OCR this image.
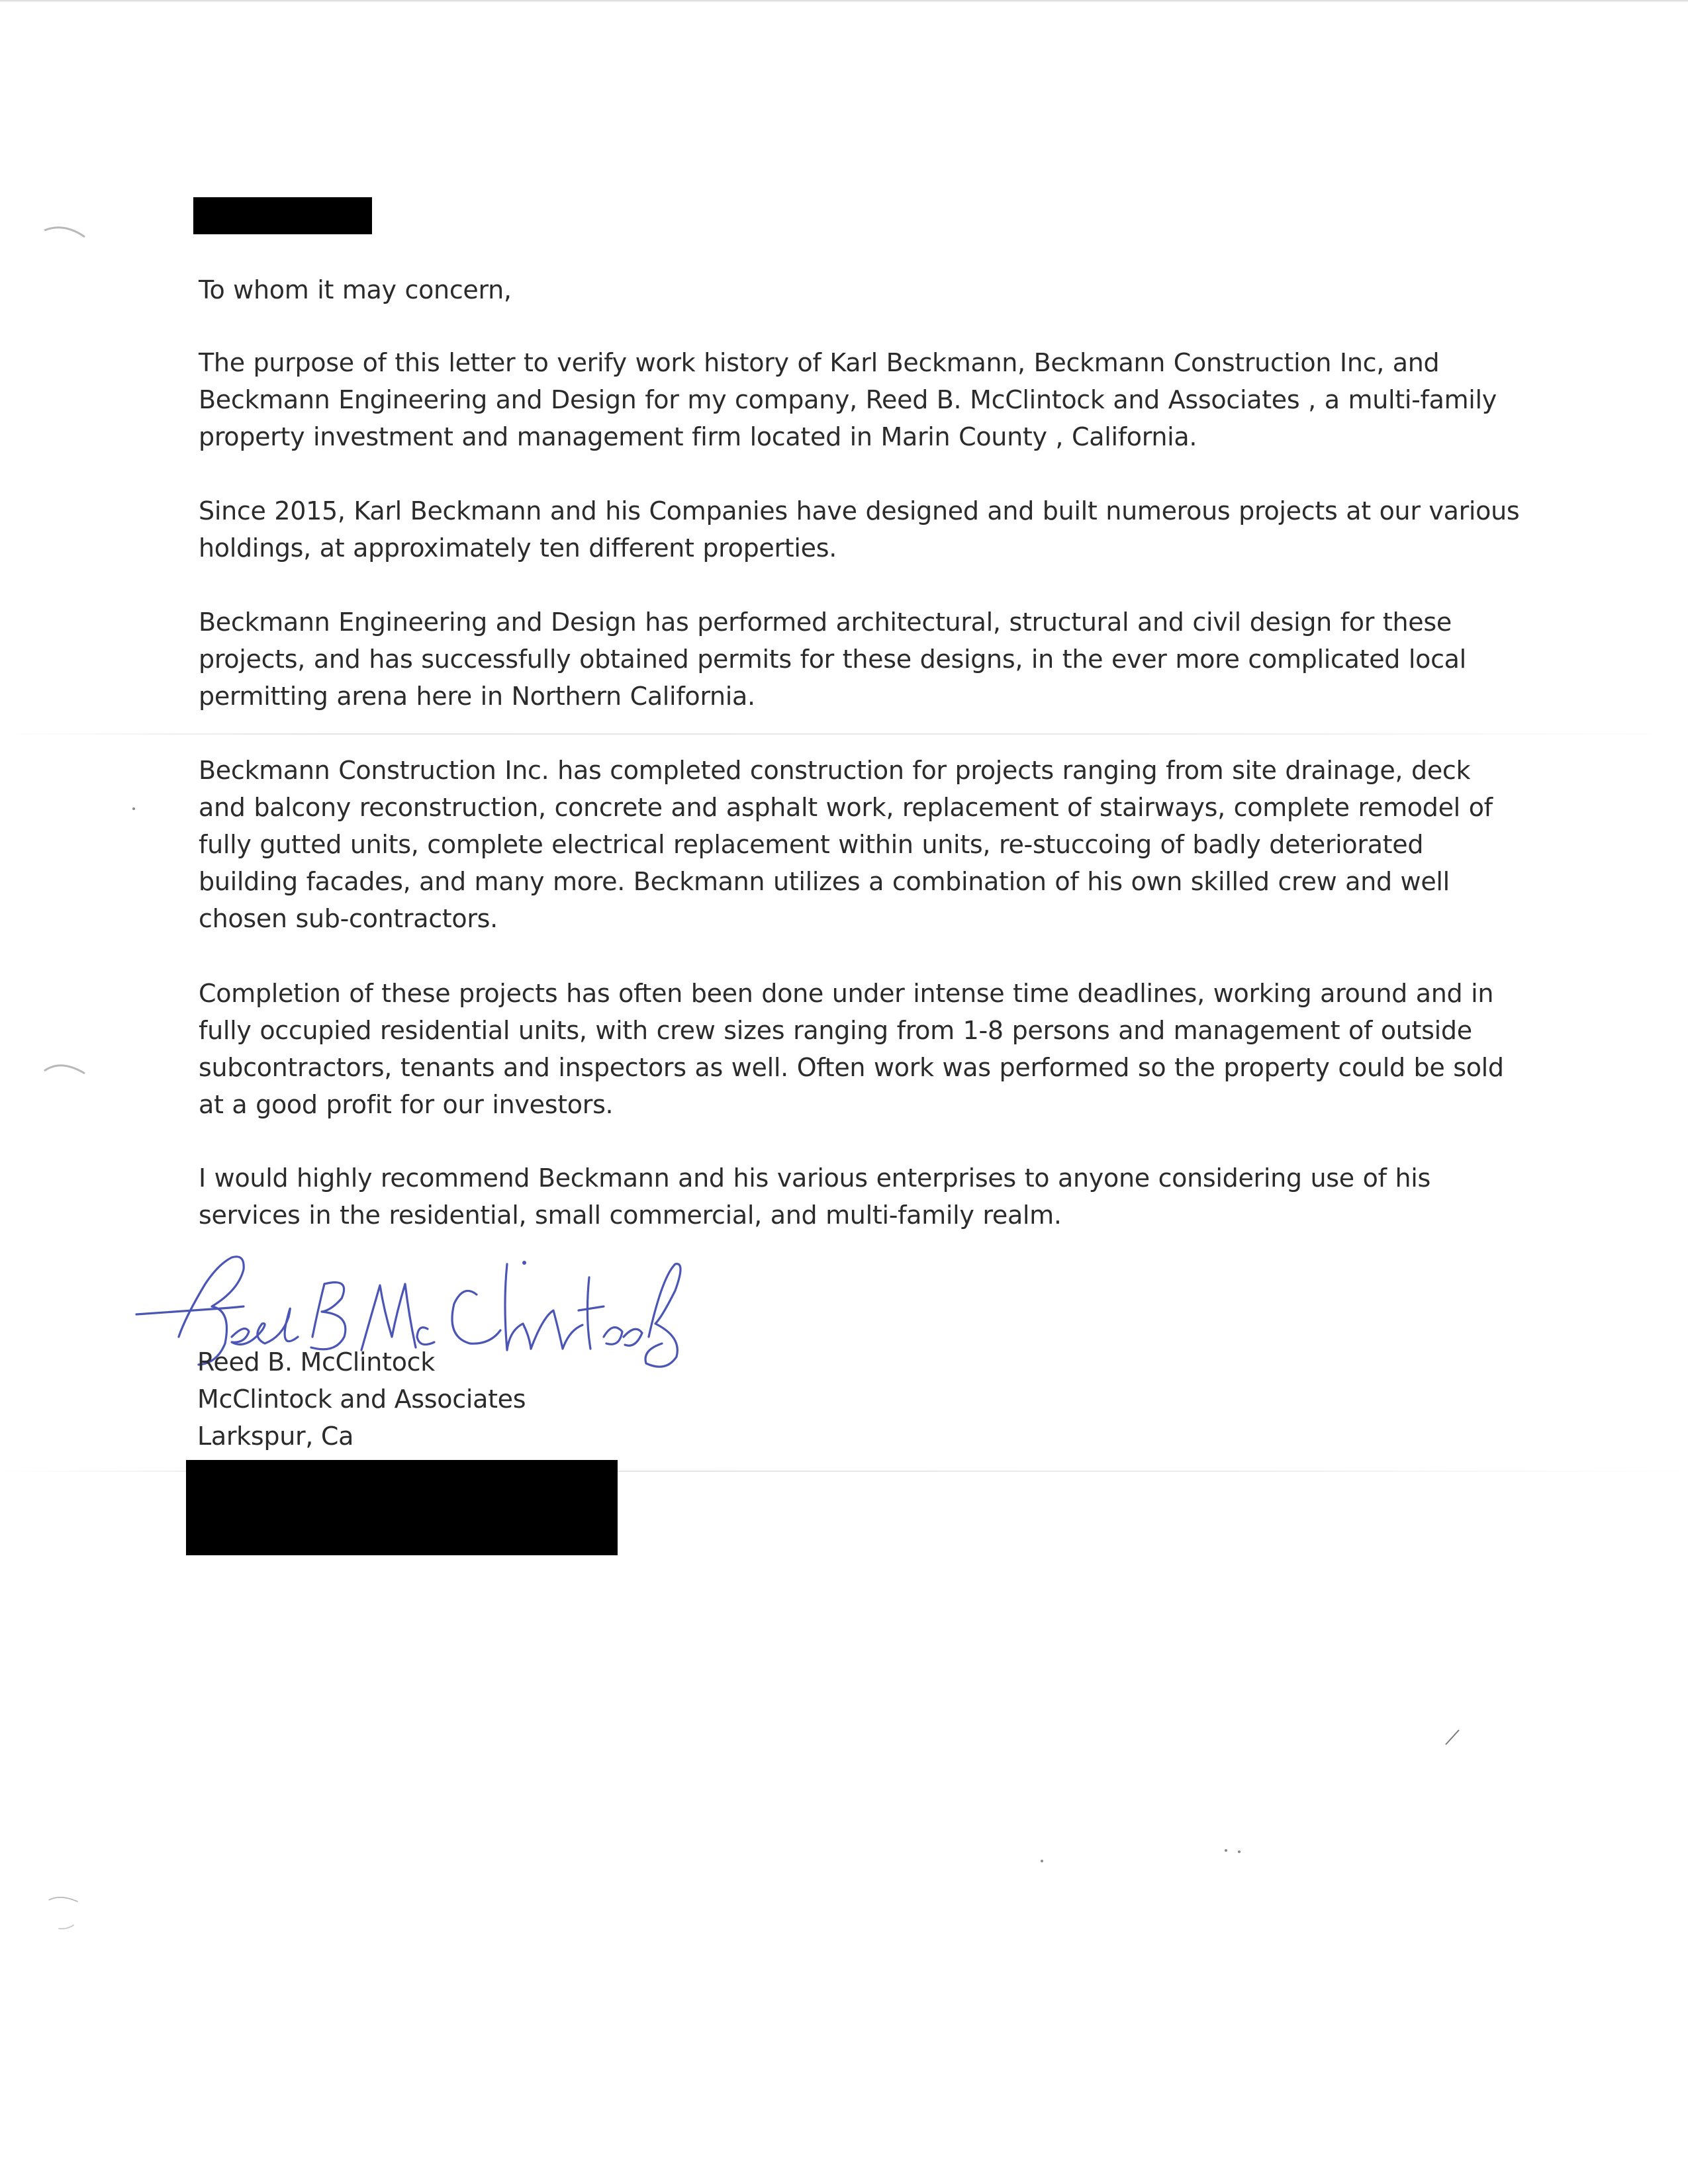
To whom it may concern,

The purpose of this letter to verify work history of Karl Beckmann, Beckmann Construction Inc, and
Beckmann Engineering and Design for my company, Reed B. McClintock and Associates , a multi-family
property investment and management firm located in Marin County , California.

Since 2015, Karl Beckmann and his Companies have designed and built numerous projects at our various
holdings, at approximately ten different properties.

Beckmann Engineering and Design has performed architectural, structural and civil design for these
projects, and has successfully obtained permits for these designs, in the ever more complicated local
permitting arena here in Northern California.

Beckmann Construction Inc. has completed construction for projects ranging from site drainage, deck
and balcony reconstruction, concrete and asphalt work, replacement of stairways, complete remodel of
fully gutted units, complete electrical replacement within units, re-stuccoing of badly deteriorated
building facades, and many more. Beckmann utilizes a combination of his own skilled crew and well
chosen sub-contractors.

Completion of these projects has often been done under intense time deadlines, working around and in
fully occupied residential units, with crew sizes ranging from 1-8 persons and management of outside
subcontractors, tenants and inspectors as well. Often work was performed so the property could be sold
at a good profit for our investors.

I would highly recommend Beckmann and his various enterprises to anyone considering use of his
services in the residential, small commercial, and multi-family realm.

Reed B. McClintock
McClintock and Associates
Larkspur, Ca
